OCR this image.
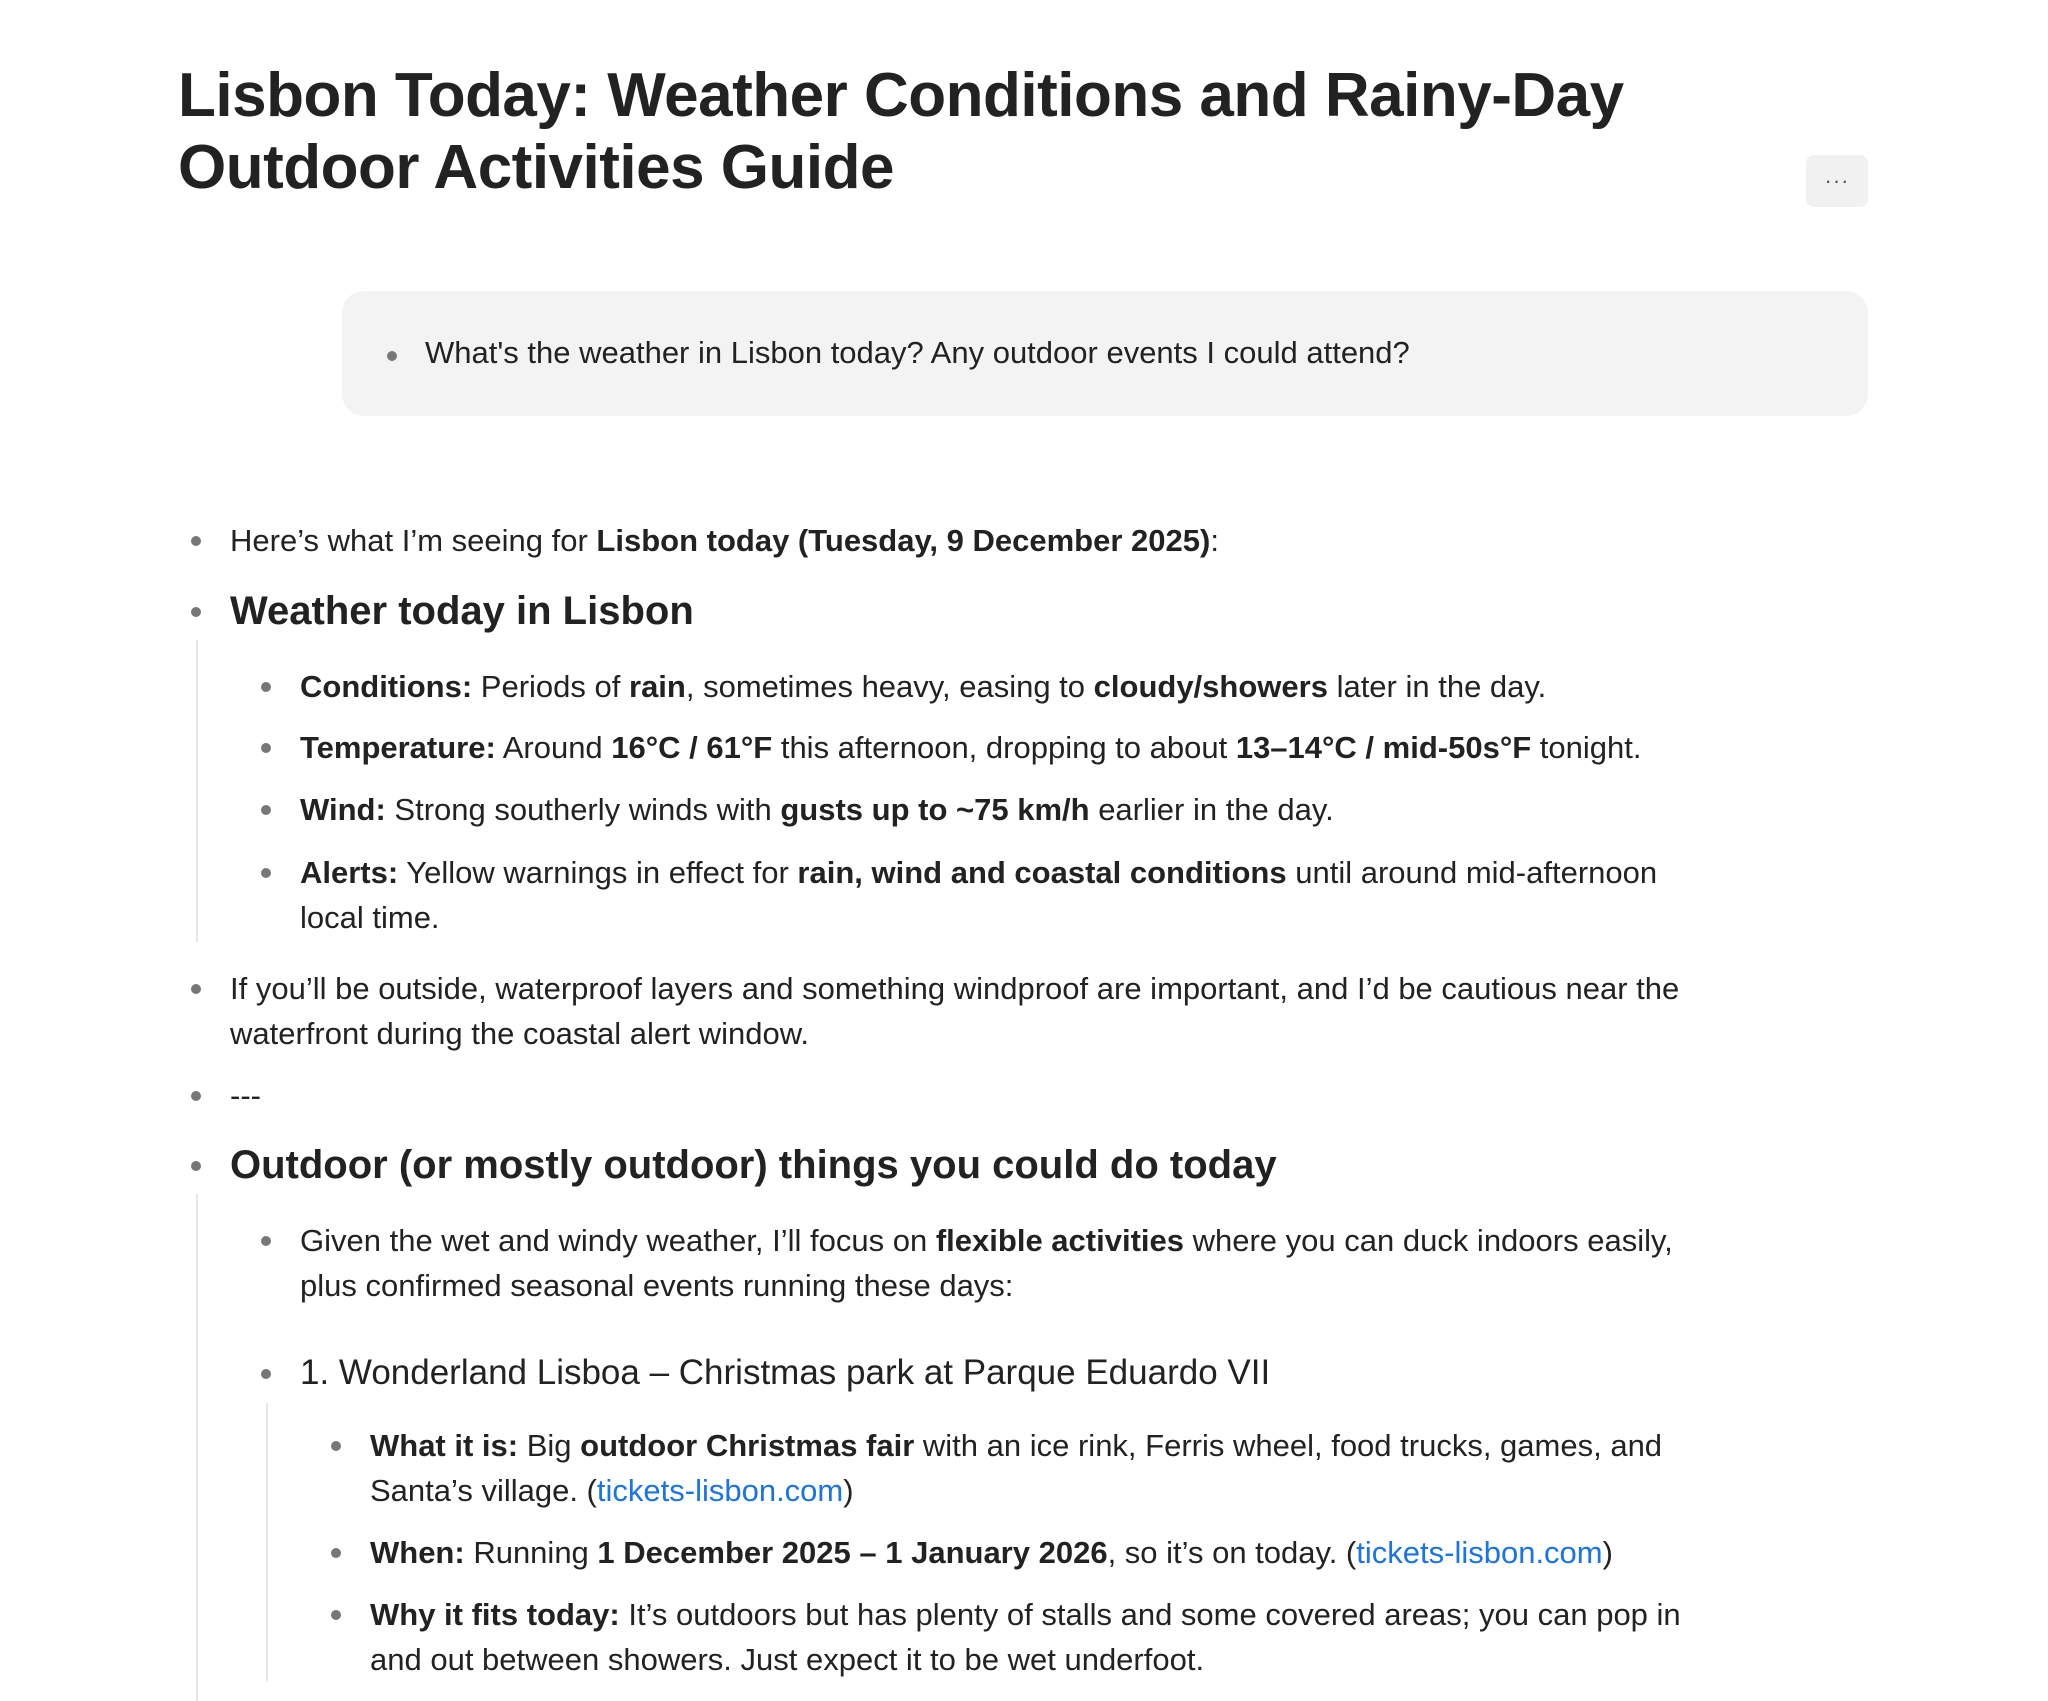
Lisbon Today: Weather Conditions and Rainy-Day
Outdoor Activities Guide	···
What's the weather in Lisbon today? Any outdoor events I could attend?
Here’s what I’m seeing for Lisbon today (Tuesday, 9 December 2025):
Weather today in Lisbon
Conditions: Periods of rain, sometimes heavy, easing to cloudy/showers later in the day.
Temperature: Around 16°C / 61°F this afternoon, dropping to about 13–14°C / mid-50s°F tonight.
Wind: Strong southerly winds with gusts up to ~75 km/h earlier in the day.
Alerts: Yellow warnings in effect for rain, wind and coastal conditions until around mid-afternoon
local time.
If you’ll be outside, waterproof layers and something windproof are important, and I’d be cautious near the
waterfront during the coastal alert window.
---
Outdoor (or mostly outdoor) things you could do today
Given the wet and windy weather, I’ll focus on flexible activities where you can duck indoors easily,
plus confirmed seasonal events running these days:
1. Wonderland Lisboa – Christmas park at Parque Eduardo VII
What it is: Big outdoor Christmas fair with an ice rink, Ferris wheel, food trucks, games, and
Santa’s village. (tickets-lisbon.com)
When: Running 1 December 2025 – 1 January 2026, so it’s on today. (tickets-lisbon.com)
Why it fits today: It’s outdoors but has plenty of stalls and some covered areas; you can pop in
and out between showers. Just expect it to be wet underfoot.
